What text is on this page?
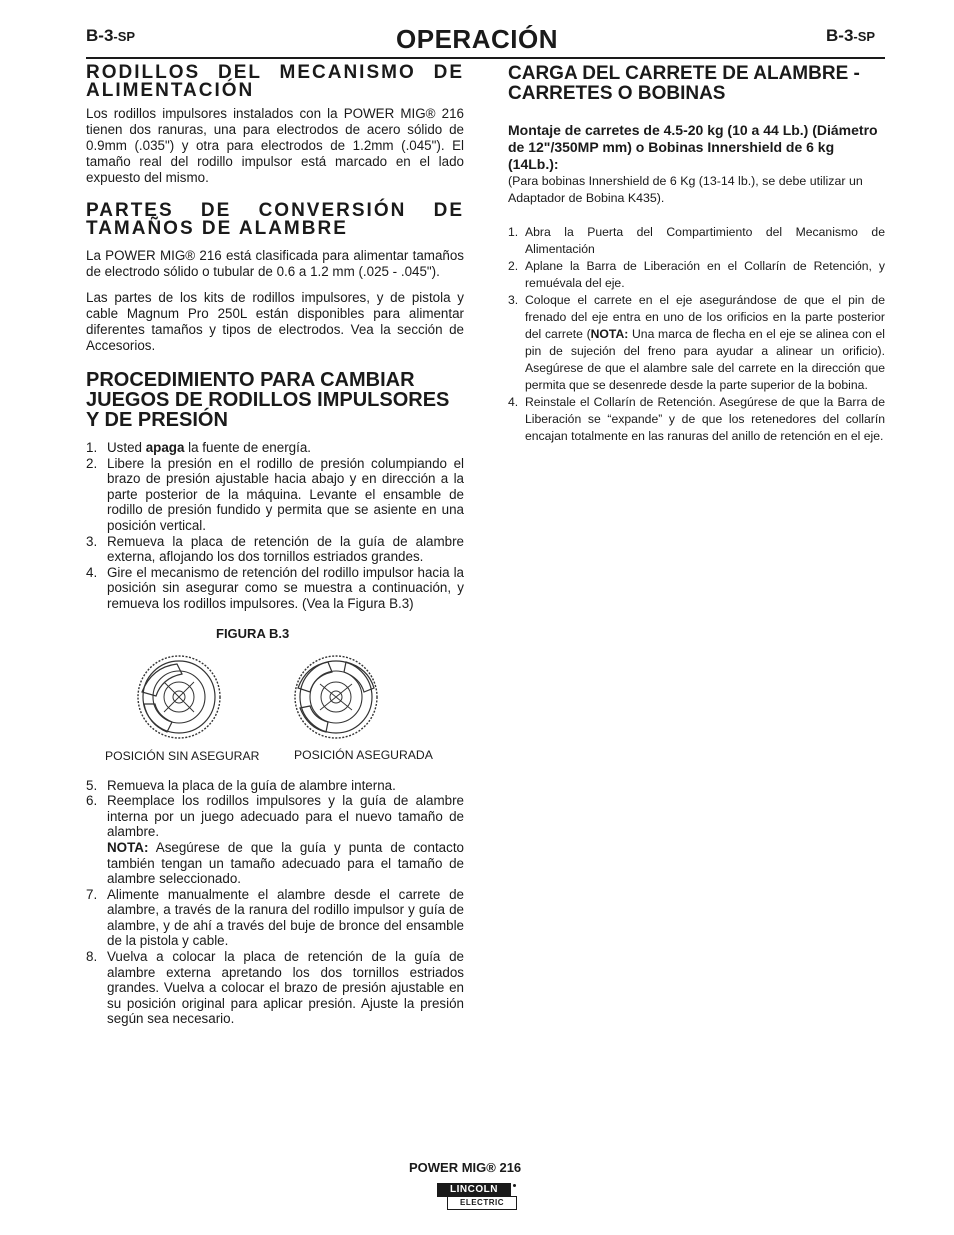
B-3-SP	OPERACIÓN	B-3-SP
RODILLOS DEL MECANISMO DE ALIMENTACIÓN

Los rodillos impulsores instalados con la POWER MIG® 216 tienen dos ranuras, una para electrodos de acero sólido de 0.9mm (.035") y otra para electrodos de 1.2mm (.045"). El tamaño real del rodillo impulsor está marcado en el lado expuesto del mismo.

PARTES DE CONVERSIÓN DE TAMAÑOS DE ALAMBRE

La POWER MIG® 216 está clasificada para alimentar tamaños de electrodo sólido o tubular de 0.6 a 1.2 mm (.025 - .045").

Las partes de los kits de rodillos impulsores, y de pistola y cable Magnum Pro 250L están disponibles para alimentar diferentes tamaños y tipos de electrodos. Vea la sección de Accesorios.

PROCEDIMIENTO PARA CAMBIAR JUEGOS DE RODILLOS IMPULSORES Y DE PRESIÓN
1. Usted apaga la fuente de energía.
2. Libere la presión en el rodillo de presión columpiando el brazo de presión ajustable hacia abajo y en dirección a la parte posterior de la máquina. Levante el ensamble de rodillo de presión fundido y permita que se asiente en una posición vertical.
3. Remueva la placa de retención de la guía de alambre externa, aflojando los dos tornillos estriados grandes.
4. Gire el mecanismo de retención del rodillo impulsor hacia la posición sin asegurar como se muestra a continuación, y remueva los rodillos impulsores. (Vea la Figura B.3)
FIGURA B.3
POSICIÓN SIN ASEGURAR	POSICIÓN ASEGURADA
5. Remueva la placa de la guía de alambre interna.
6. Reemplace los rodillos impulsores y la guía de alambre interna por un juego adecuado para el nuevo tamaño de alambre.
NOTA: Asegúrese de que la guía y punta de contacto también tengan un tamaño adecuado para el tamaño de alambre seleccionado.
7. Alimente manualmente el alambre desde el carrete de alambre, a través de la ranura del rodillo impulsor y guía de alambre, y de ahí a través del buje de bronce del ensamble de la pistola y cable.
8. Vuelva a colocar la placa de retención de la guía de alambre externa apretando los dos tornillos estriados grandes. Vuelva a colocar el brazo de presión ajustable en su posición original para aplicar presión. Ajuste la presión según sea necesario.
CARGA DEL CARRETE DE ALAMBRE - CARRETES O BOBINAS
Montaje de carretes de 4.5-20 kg (10 a 44 Lb.) (Diámetro de 12"/350MP mm) o Bobinas Innershield de 6 kg (14Lb.):
(Para bobinas Innershield de 6 Kg (13-14 lb.), se debe utilizar un Adaptador de Bobina K435).
1. Abra la Puerta del Compartimiento del Mecanismo de Alimentación
2. Aplane la Barra de Liberación en el Collarín de Retención, y remuévala del eje.
3. Coloque el carrete en el eje asegurándose de que el pin de frenado del eje entra en uno de los orificios en la parte posterior del carrete (NOTA: Una marca de flecha en el eje se alinea con el pin de sujeción del freno para ayudar a alinear un orificio). Asegúrese de que el alambre sale del carrete en la dirección que permita que se desenrede desde la parte superior de la bobina.
4. Reinstale el Collarín de Retención. Asegúrese de que la Barra de Liberación se “expande” y de que los retenedores del collarín encajan totalmente en las ranuras del anillo de retención en el eje.
POWER MIG® 216
LINCOLN
ELECTRIC
